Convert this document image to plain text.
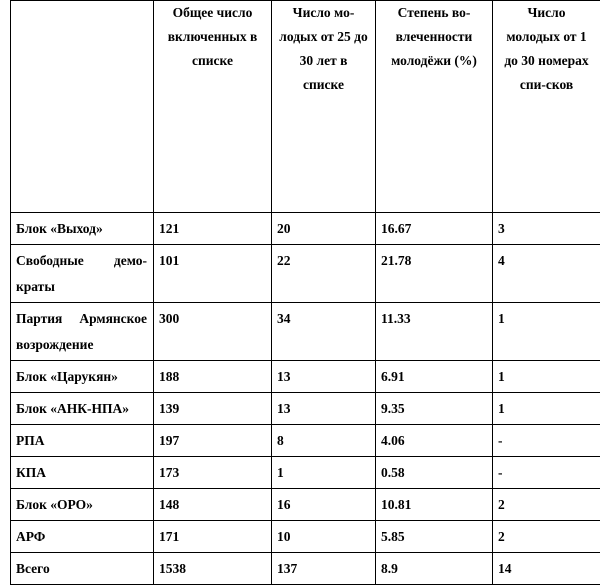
	Общее число включенных в списке	Число мо-лодых от 25 до 30 лет в списке	Степень во-влеченности молодёжи (%)	Число молодых от 1 до 30 номерах спи-сков
Блок «Выход»	121	20	16.67	3
Свободные демо-краты	101	22	21.78	4
Партия Армянское возрождение	300	34	11.33	1
Блок «Царукян»	188	13	6.91	1
Блок «АНК-НПА»	139	13	9.35	1
РПА	197	8	4.06	-
КПА	173	1	0.58	-
Блок «ОРО»	148	16	10.81	2
АРФ	171	10	5.85	2
Всего	1538	137	8.9	14
